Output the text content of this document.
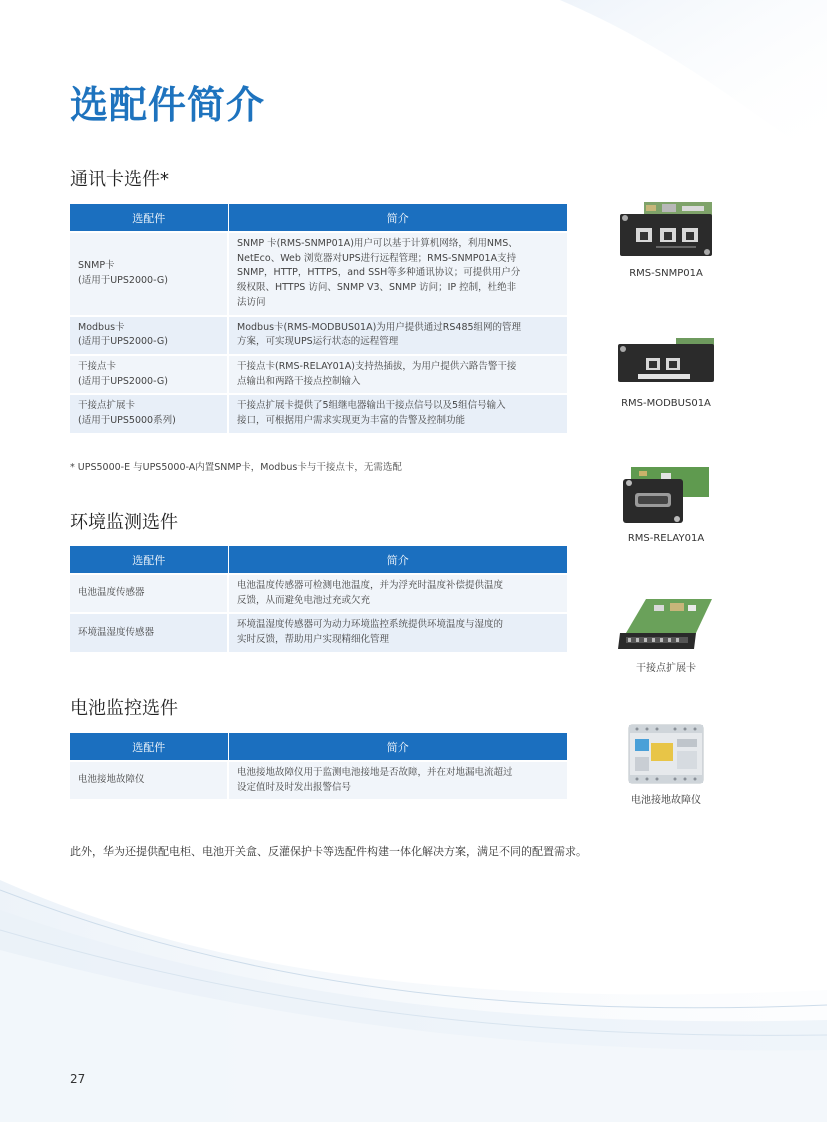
选配件简介
通讯卡选件*
选配件	简介

SNMP卡
(适用于UPS2000-G)	SNMP 卡(RMS-SNMP01A)用户可以基于计算机网络，利用NMS、
NetEco、Web 浏览器对UPS进行远程管理；RMS-SNMP01A支持
SNMP，HTTP，HTTPS，and SSH等多种通讯协议；可提供用户分
级权限、HTTPS 访问、SNMP V3、SNMP 访问；IP 控制，杜绝非
法访问

Modbus卡
(适用于UPS2000-G)	Modbus卡(RMS-MODBUS01A)为用户提供通过RS485组网的管理
方案，可实现UPS运行状态的远程管理

干接点卡
(适用于UPS2000-G)	干接点卡(RMS-RELAY01A)支持热插拔，为用户提供六路告警干接
点输出和两路干接点控制输入

干接点扩展卡
(适用于UPS5000系列)	干接点扩展卡提供了5组继电器输出干接点信号以及5组信号输入
接口，可根据用户需求实现更为丰富的告警及控制功能
* UPS5000-E 与UPS5000-A内置SNMP卡，Modbus卡与干接点卡，无需选配
环境监测选件
选配件	简介

电池温度传感器	电池温度传感器可检测电池温度，并为浮充时温度补偿提供温度
反馈，从而避免电池过充或欠充

环境温湿度传感器	环境温湿度传感器可为动力环境监控系统提供环境温度与湿度的
实时反馈，帮助用户实现精细化管理
电池监控选件
选配件	简介

电池接地故障仪	电池接地故障仪用于监测电池接地是否故障，并在对地漏电流超过
设定值时及时发出报警信号
此外，华为还提供配电柜、电池开关盒、反灌保护卡等选配件构建一体化解决方案，满足不同的配置需求。
27
RMS-SNMP01A
RMS-MODBUS01A
RMS-RELAY01A
干接点扩展卡
电池接地故障仪
